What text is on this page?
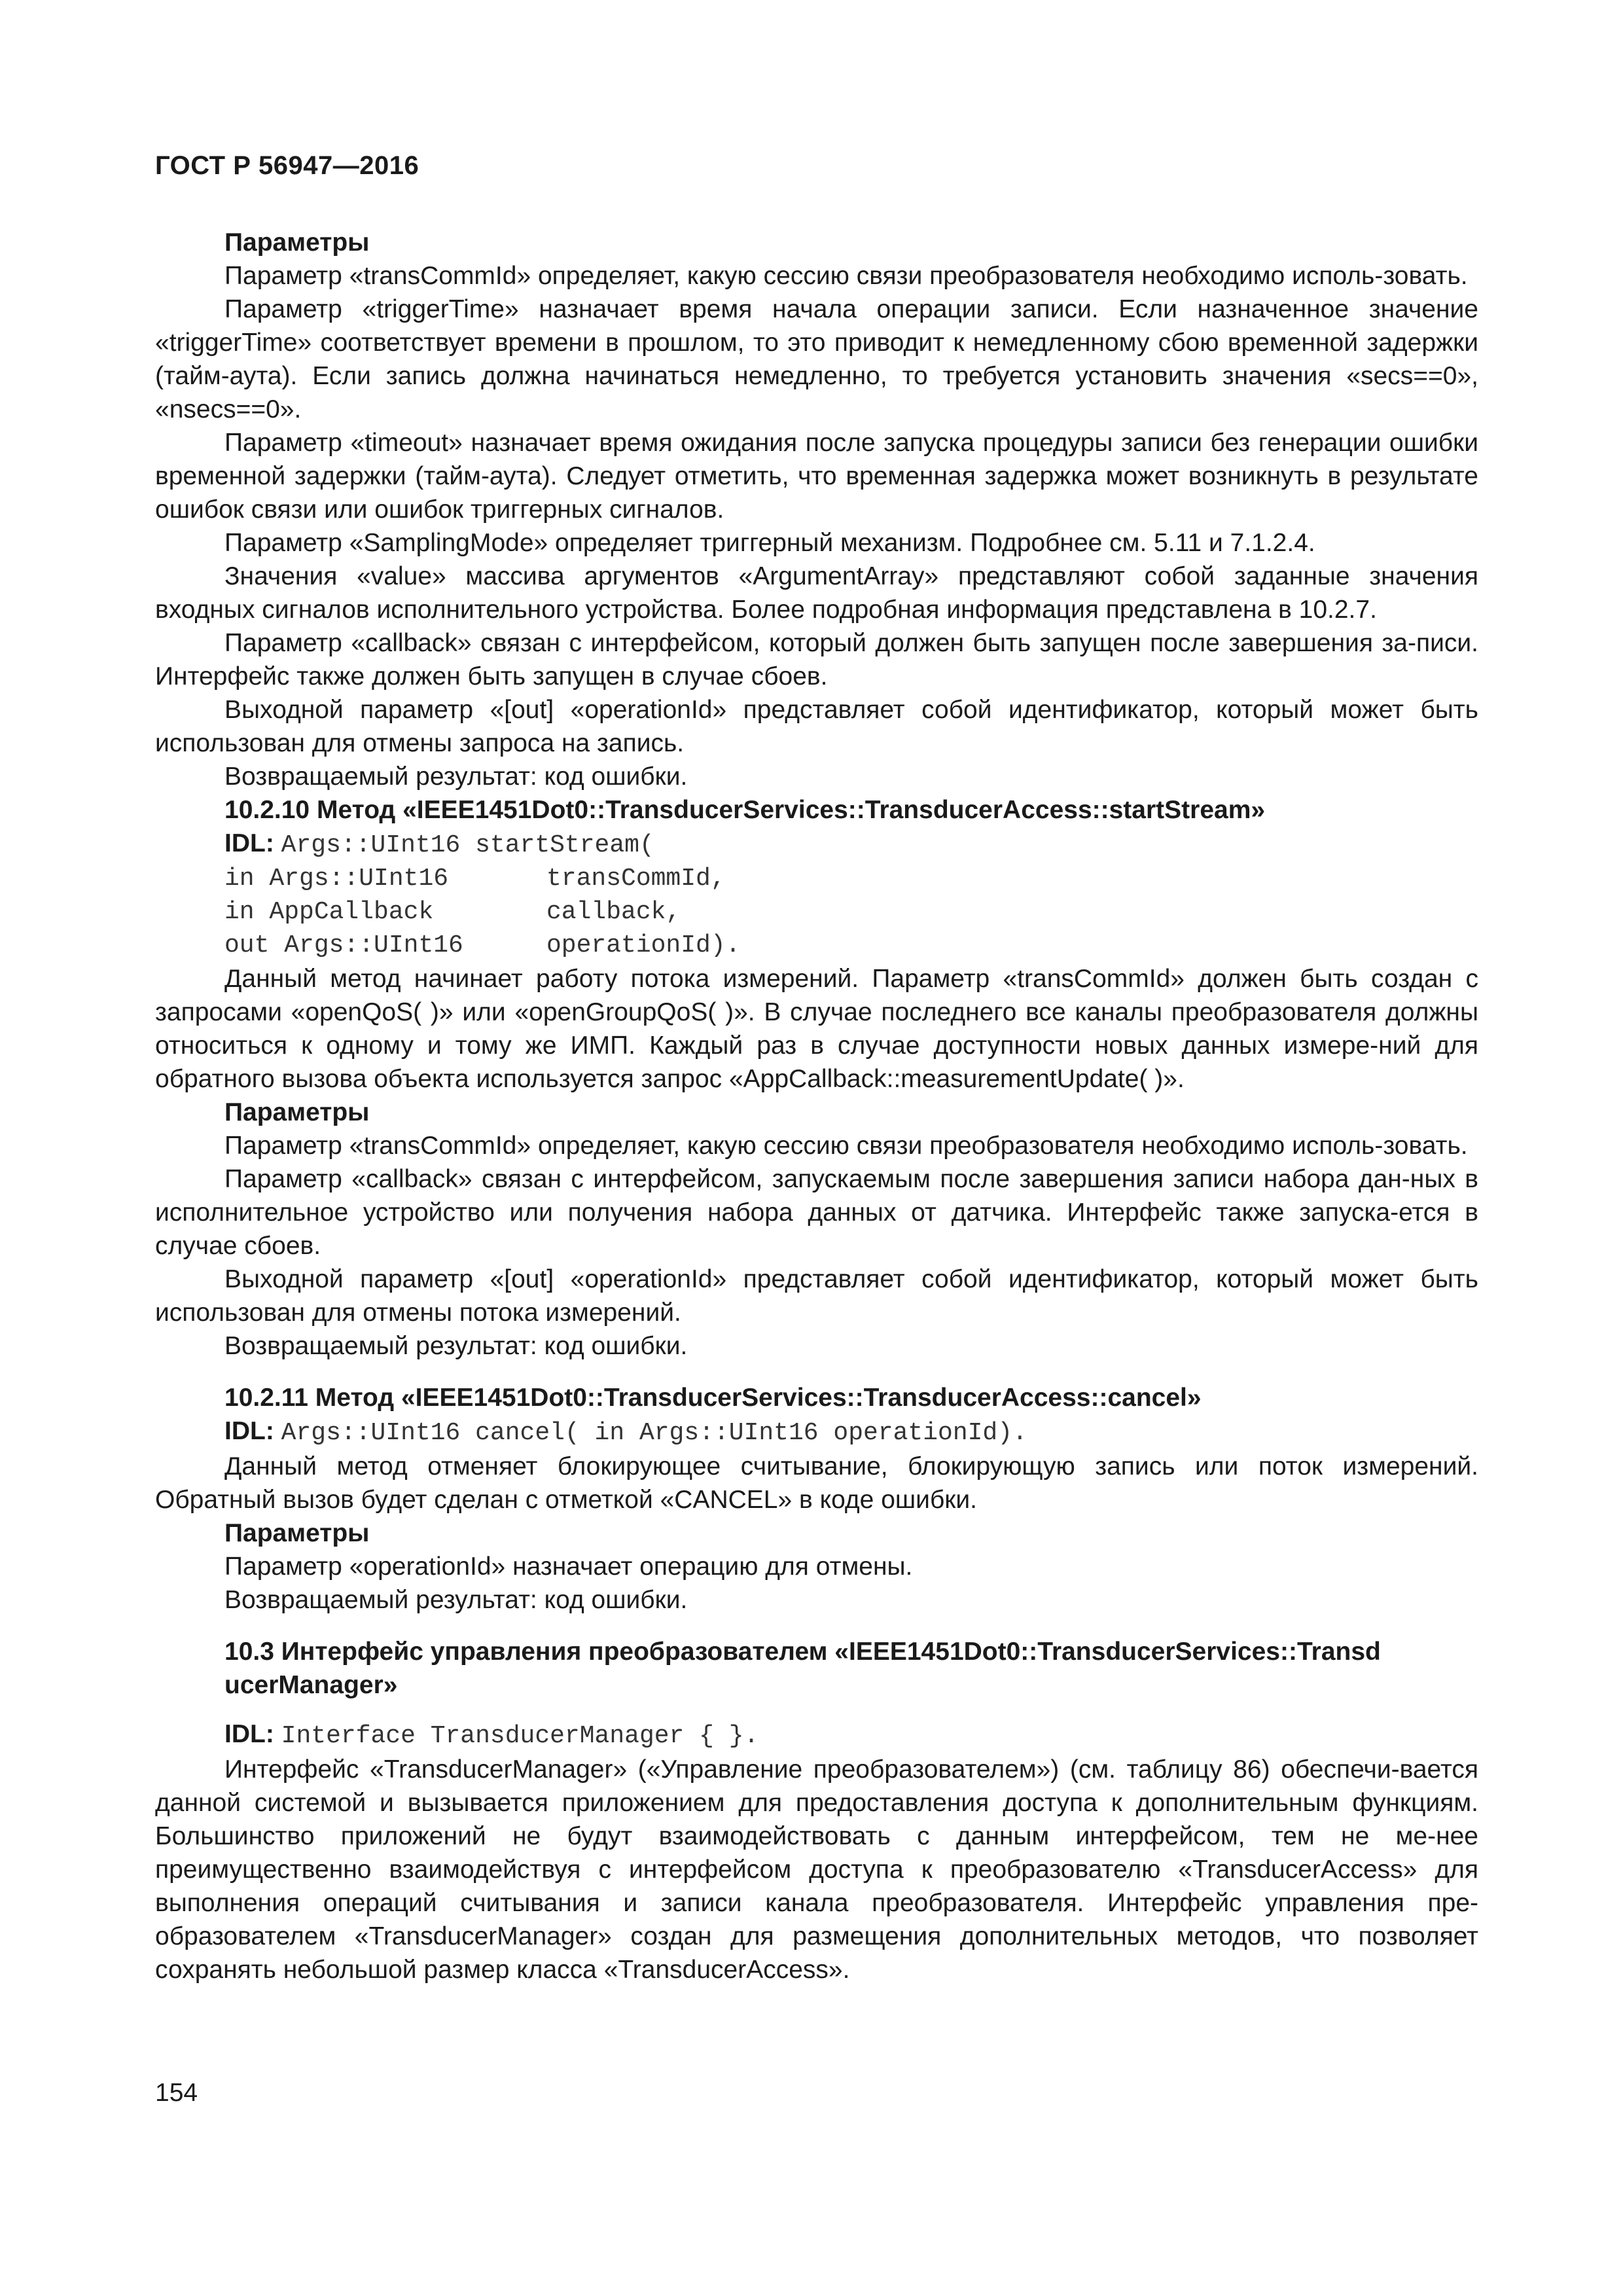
ГОСТ Р 56947—2016
Параметры

Параметр «transCommId» определяет, какую сессию связи преобразователя необходимо исполь-зовать.

Параметр «triggerTime» назначает время начала операции записи. Если назначенное значение «triggerTime» соответствует времени в прошлом, то это приводит к немедленному сбою временной задержки (тайм-аута). Если запись должна начинаться немедленно, то требуется установить значения «secs==0», «nsecs==0».

Параметр «timeout» назначает время ожидания после запуска процедуры записи без генерации ошибки временной задержки (тайм-аута). Следует отметить, что временная задержка может возникнуть в результате ошибок связи или ошибок триггерных сигналов.

Параметр «SamplingMode» определяет триггерный механизм. Подробнее см. 5.11 и 7.1.2.4.

Значения «value» массива аргументов «ArgumentArray» представляют собой заданные значения входных сигналов исполнительного устройства. Более подробная информация представлена в 10.2.7.

Параметр «callback» связан с интерфейсом, который должен быть запущен после завершения за-писи. Интерфейс также должен быть запущен в случае сбоев.

Выходной параметр «[out] «operationId» представляет собой идентификатор, который может быть использован для отмены запроса на запись.

Возвращаемый результат: код ошибки.

10.2.10 Метод «IEEE1451Dot0::TransducerServices::TransducerAccess::startStream»
IDL: Args::UInt16 startStream(
in Args::UInt16	transCommId,
in AppCallback	callback,
out Args::UInt16	operationId).

Данный метод начинает работу потока измерений. Параметр «transCommId» должен быть создан с запросами «openQoS( )» или «openGroupQoS( )». В случае последнего все каналы преобразователя должны относиться к одному и тому же ИМП. Каждый раз в случае доступности новых данных измере-ний для обратного вызова объекта используется запрос «AppCallback::measurementUpdate( )».

Параметры

Параметр «transCommId» определяет, какую сессию связи преобразователя необходимо исполь-зовать.

Параметр «callback» связан с интерфейсом, запускаемым после завершения записи набора дан-ных в исполнительное устройство или получения набора данных от датчика. Интерфейс также запуска-ется в случае сбоев.

Выходной параметр «[out] «operationId» представляет собой идентификатор, который может быть использован для отмены потока измерений.

Возвращаемый результат: код ошибки.

10.2.11 Метод «IEEE1451Dot0::TransducerServices::TransducerAccess::cancel»
IDL: Args::UInt16 cancel( in Args::UInt16 operationId).

Данный метод отменяет блокирующее считывание, блокирующую запись или поток измерений. Обратный вызов будет сделан с отметкой «CANCEL» в коде ошибки.

Параметры

Параметр «operationId» назначает операцию для отмены.

Возвращаемый результат: код ошибки.

10.3 Интерфейс управления преобразователем «IEEE1451Dot0::TransducerServices::Transd
ucerManager»
IDL: Interface TransducerManager { }.

Интерфейс «TransducerManager» («Управление преобразователем») (см. таблицу 86) обеспечи-вается данной системой и вызывается приложением для предоставления доступа к дополнительным функциям. Большинство приложений не будут взаимодействовать с данным интерфейсом, тем не ме-нее преимущественно взаимодействуя с интерфейсом доступа к преобразователю «TransducerAccess» для выполнения операций считывания и записи канала преобразователя. Интерфейс управления пре-образователем «TransducerManager» создан для размещения дополнительных методов, что позволяет сохранять небольшой размер класса «TransducerAccess».

154
